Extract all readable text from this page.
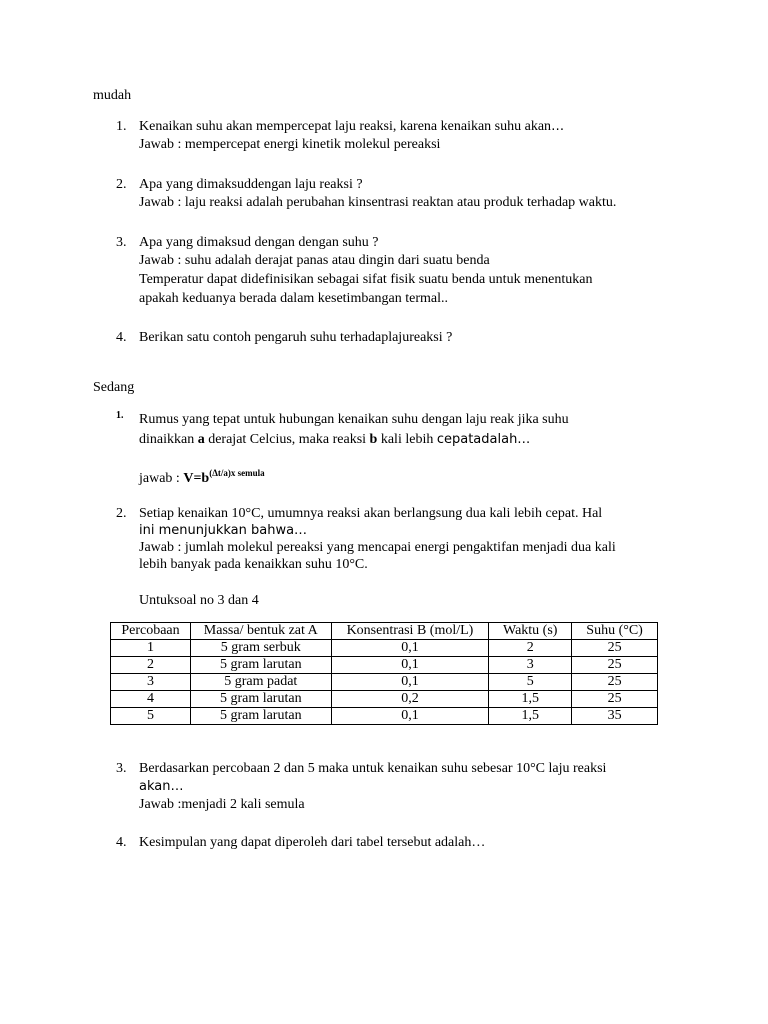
mudah
1. Kenaikan suhu akan mempercepat laju reaksi, karena kenaikan suhu akan…
Jawab : mempercepat energi kinetik molekul pereaksi
2. Apa yang dimaksuddengan laju reaksi ?
Jawab : laju reaksi adalah perubahan kinsentrasi reaktan atau produk terhadap waktu.
3. Apa yang dimaksud dengan dengan suhu ?
Jawab : suhu adalah derajat panas atau dingin dari suatu benda
Temperatur dapat didefinisikan sebagai sifat fisik suatu benda untuk menentukan
apakah keduanya berada dalam kesetimbangan termal..
4. Berikan satu contoh pengaruh suhu terhadaplajureaksi ?
Sedang
1. Rumus yang tepat untuk hubungan kenaikan suhu dengan laju reak jika suhu
dinaikkan a derajat Celcius, maka reaksi b kali lebih cepatadalah…
jawab : $V=b^{(\Delta t/a)x semula}$
2. Setiap kenaikan 10°C, umumnya reaksi akan berlangsung dua kali lebih cepat. Hal
ini menunjukkan bahwa…
Jawab : jumlah molekul pereaksi yang mencapai energi pengaktifan menjadi dua kali
lebih banyak pada kenaikkan suhu 10°C.
Untuksoal no 3 dan 4
Percobaan	Massa/ bentuk zat A	Konsentrasi B (mol/L)	Waktu (s)	Suhu (°C)
1	5 gram serbuk	0,1	2	25
2	5 gram larutan	0,1	3	25
3	5 gram padat	0,1	5	25
4	5 gram larutan	0,2	1,5	25
5	5 gram larutan	0,1	1,5	35
3. Berdasarkan percobaan 2 dan 5 maka untuk kenaikan suhu sebesar 10°C laju reaksi
akan…
Jawab :menjadi 2 kali semula
4. Kesimpulan yang dapat diperoleh dari tabel tersebut adalah…
